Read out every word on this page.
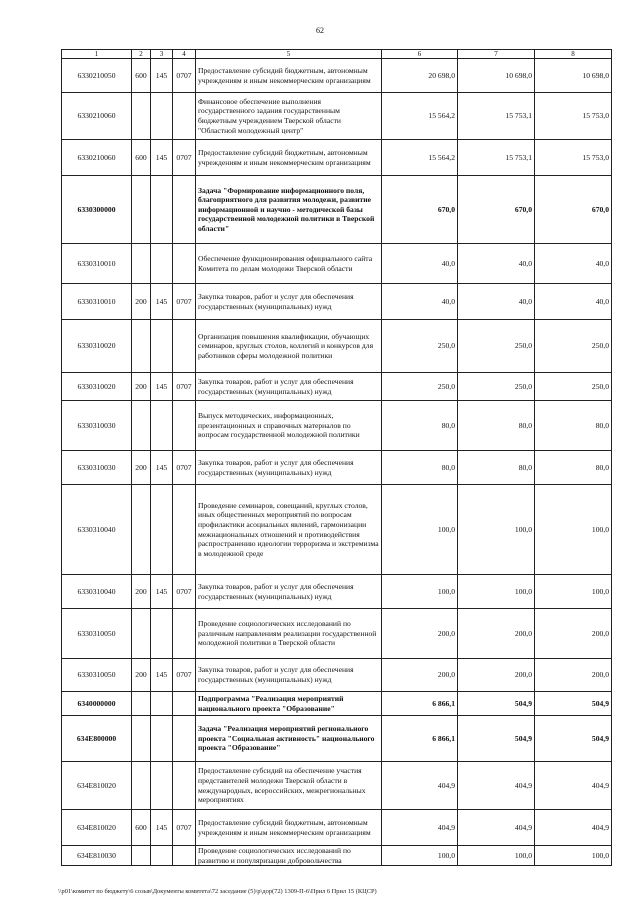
62
1	2	3	4	5	6	7	8
6330210050	600	145	0707	Предоставление субсидий бюджетным, автономным учреждениям и иным некоммерческим организациям	20 698,0	10 698,0	10 698,0
6330210060				Финансовое обеспечение выполнения государственного задания государственным бюджетным учреждением Тверской области "Областной молодежный центр"	15 564,2	15 753,1	15 753,0
6330210060	600	145	0707	Предоставление субсидий бюджетным, автономным учреждениям и иным некоммерческим организациям	15 564,2	15 753,1	15 753,0
6330300000				Задача "Формирование информационного поля, благоприятного для развития молодежи, развитие информационной и научно - методической базы государственной молодежной политики в Тверской области"	670,0	670,0	670,0
6330310010				Обеспечение функционирования официального сайта Комитета по делам молодежи Тверской области	40,0	40,0	40,0
6330310010	200	145	0707	Закупка товаров, работ и услуг для обеспечения государственных (муниципальных) нужд	40,0	40,0	40,0
6330310020				Организация повышения квалификации, обучающих семинаров, круглых столов, коллегий и конкурсов для работников сферы молодежной политики	250,0	250,0	250,0
6330310020	200	145	0707	Закупка товаров, работ и услуг для обеспечения государственных (муниципальных) нужд	250,0	250,0	250,0
6330310030				Выпуск методических, информационных, презентационных и справочных материалов по вопросам государственной молодежной политики	80,0	80,0	80,0
6330310030	200	145	0707	Закупка товаров, работ и услуг для обеспечения государственных (муниципальных) нужд	80,0	80,0	80,0
6330310040				Проведение семинаров, совещаний, круглых столов, иных общественных мероприятий по вопросам профилактики асоциальных явлений, гармонизации межнациональных отношений и противодействия распространению идеологии терроризма и экстремизма в молодежной среде	100,0	100,0	100,0
6330310040	200	145	0707	Закупка товаров, работ и услуг для обеспечения государственных (муниципальных) нужд	100,0	100,0	100,0
6330310050				Проведение социологических исследований по различным направлениям реализации государственной молодежной политики в Тверской области	200,0	200,0	200,0
6330310050	200	145	0707	Закупка товаров, работ и услуг для обеспечения государственных (муниципальных) нужд	200,0	200,0	200,0
6340000000				Подпрограмма "Реализация мероприятий национального проекта "Образование"	6 866,1	504,9	504,9
634E800000				Задача "Реализация мероприятий регионального проекта "Социальная активность" национального проекта "Образование"	6 866,1	504,9	504,9
634E810020				Предоставление субсидий на обеспечение участия представителей молодежи Тверской области в международных, всероссийских, межрегиональных мероприятиях	404,9	404,9	404,9
634E810020	600	145	0707	Предоставление субсидий бюджетным, автономным учреждениям и иным некоммерческим организациям	404,9	404,9	404,9
634E810030				Проведение социологических исследований по развитию и популяризации добровольчества	100,0	100,0	100,0
\\p01\комитет по бюджету\6 созыв\Документы комитета\72 заседание (5)\р\дор(72) 1309-П-6\Прил 6 Прил 15 (КЦСР)
